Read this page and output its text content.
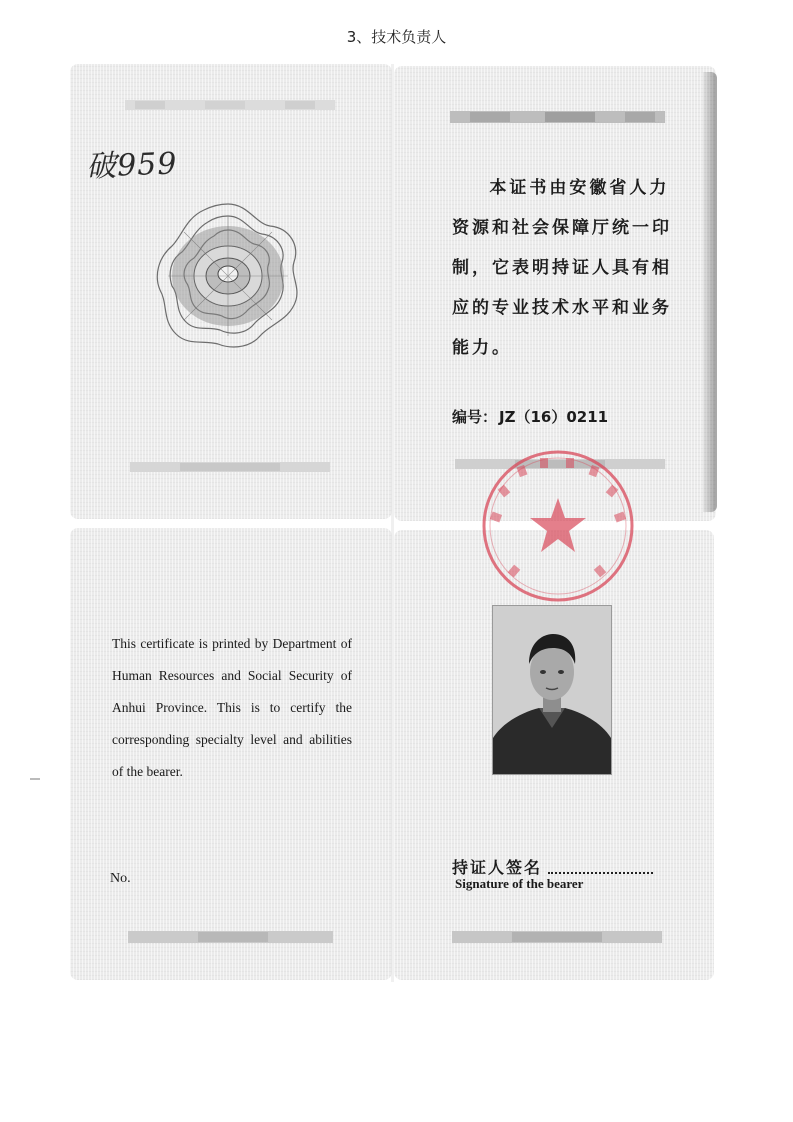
3、技术负责人
破959
本证书由安徽省人力
资源和社会保障厅统一印
制，它表明持证人具有相
应的专业技术水平和业务
能力。
编号： JZ（16）0211
This certificate is printed by Department of Human Resources and Social Security of Anhui Province. This is to certify the corresponding specialty level and abilities of the bearer.
No.
持证人签名
Signature of the bearer
